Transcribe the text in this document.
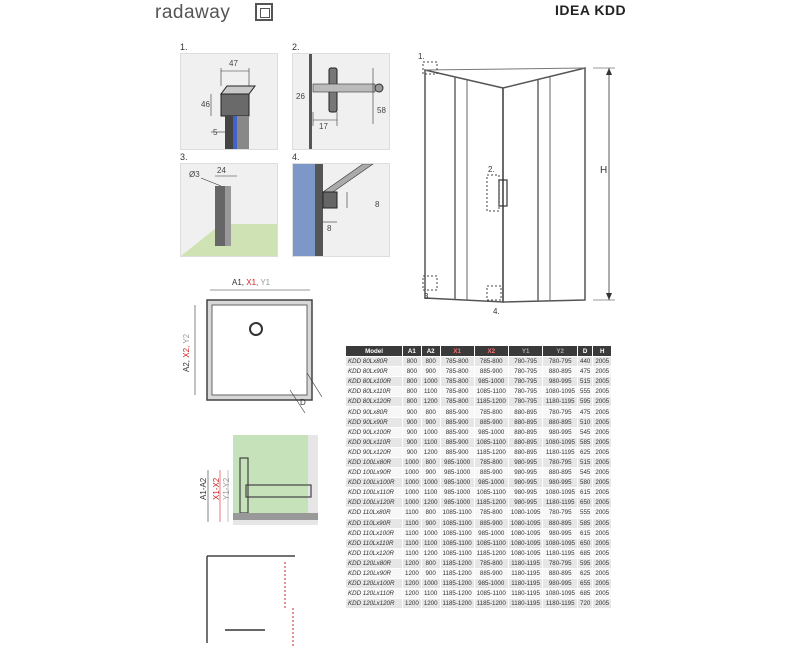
radaway	IDEA KDD
1.	2.
3.	4.
47
46
5
26
17
58
Ø3 24
8
8
1.
2.
3.
4.
H
A1, X1, Y1
A2, X2, Y2
D
A1-A2 X1-X2 Y1-Y2
Model	A1	A2	X1	X2	Y1	Y2	D	H
KDD 80Lx80R	800	800	785-800	785-800	780-795	780-795	440	2005
KDD 80Lx90R	800	900	785-800	885-900	780-795	880-895	475	2005
KDD 80Lx100R	800	1000	785-800	985-1000	780-795	980-995	515	2005
KDD 80Lx110R	800	1100	785-800	1085-1100	780-795	1080-1095	555	2005
KDD 80Lx120R	800	1200	785-800	1185-1200	780-795	1180-1195	595	2005
KDD 90Lx80R	900	800	885-900	785-800	880-895	780-795	475	2005
KDD 90Lx90R	900	900	885-900	885-900	880-895	880-895	510	2005
KDD 90Lx100R	900	1000	885-900	985-1000	880-895	980-995	545	2005
KDD 90Lx110R	900	1100	885-900	1085-1100	880-895	1080-1095	585	2005
KDD 90Lx120R	900	1200	885-900	1185-1200	880-895	1180-1195	625	2005
KDD 100Lx80R	1000	800	985-1000	785-800	980-995	780-795	515	2005
KDD 100Lx90R	1000	900	985-1000	885-900	980-995	880-895	545	2005
KDD 100Lx100R	1000	1000	985-1000	985-1000	980-995	980-995	580	2005
KDD 100Lx110R	1000	1100	985-1000	1085-1100	980-995	1080-1095	615	2005
KDD 100Lx120R	1000	1200	985-1000	1185-1200	980-995	1180-1195	650	2005
KDD 110Lx80R	1100	800	1085-1100	785-800	1080-1095	780-795	555	2005
KDD 110Lx90R	1100	900	1085-1100	885-900	1080-1095	880-895	585	2005
KDD 110Lx100R	1100	1000	1085-1100	985-1000	1080-1095	980-995	615	2005
KDD 110Lx110R	1100	1100	1085-1100	1085-1100	1080-1095	1080-1095	650	2005
KDD 110Lx120R	1100	1200	1085-1100	1185-1200	1080-1095	1180-1195	685	2005
KDD 120Lx80R	1200	800	1185-1200	785-800	1180-1195	780-795	595	2005
KDD 120Lx90R	1200	900	1185-1200	885-900	1180-1195	880-895	625	2005
KDD 120Lx100R	1200	1000	1185-1200	985-1000	1180-1195	980-995	655	2005
KDD 120Lx110R	1200	1100	1185-1200	1085-1100	1180-1195	1080-1095	685	2005
KDD 120Lx120R	1200	1200	1185-1200	1185-1200	1180-1195	1180-1195	720	2005
